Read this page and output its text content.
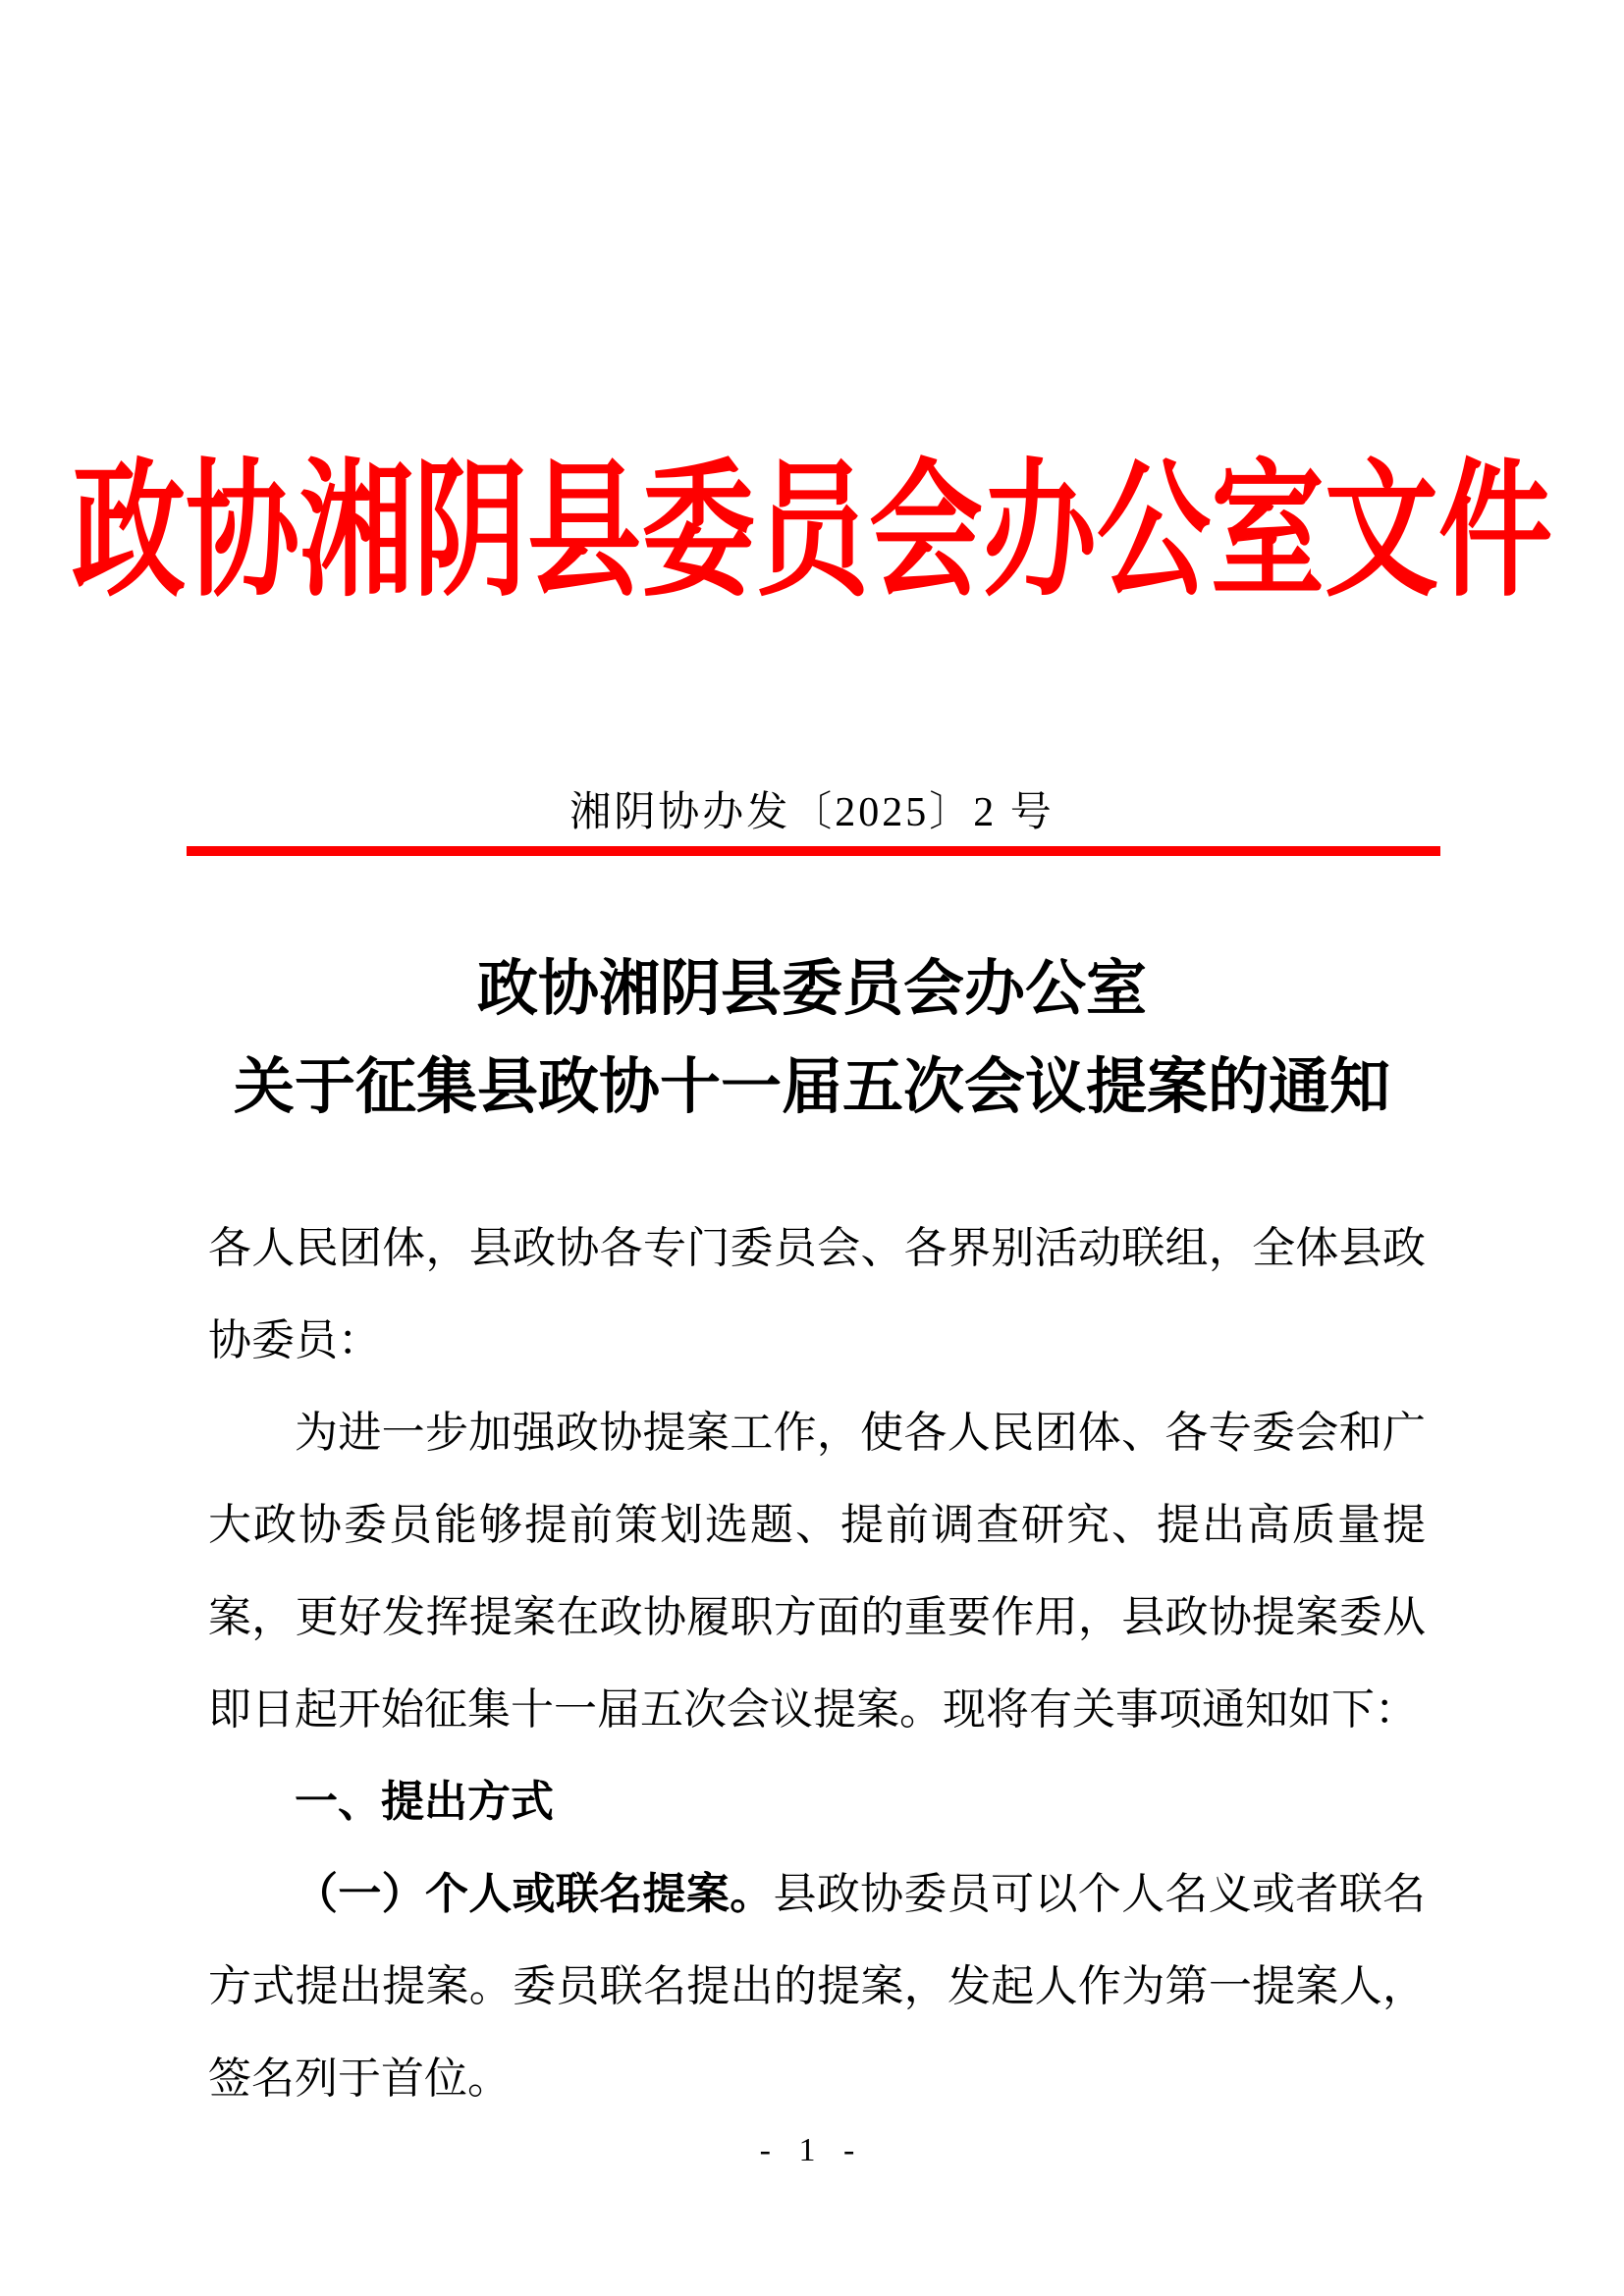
政协湘阴县委员会办公室文件
湘阴协办发〔2025〕2 号
政协湘阴县委员会办公室
关于征集县政协十一届五次会议提案的通知

各人民团体，县政协各专门委员会、各界别活动联组，全体县政协委员：

为进一步加强政协提案工作，使各人民团体、各专委会和广大政协委员能够提前策划选题、提前调查研究、提出高质量提案，更好发挥提案在政协履职方面的重要作用，县政协提案委从即日起开始征集十一届五次会议提案。现将有关事项通知如下：

一、提出方式

（一）个人或联名提案。县政协委员可以个人名义或者联名方式提出提案。委员联名提出的提案，发起人作为第一提案人，签名列于首位。

- 1 -
